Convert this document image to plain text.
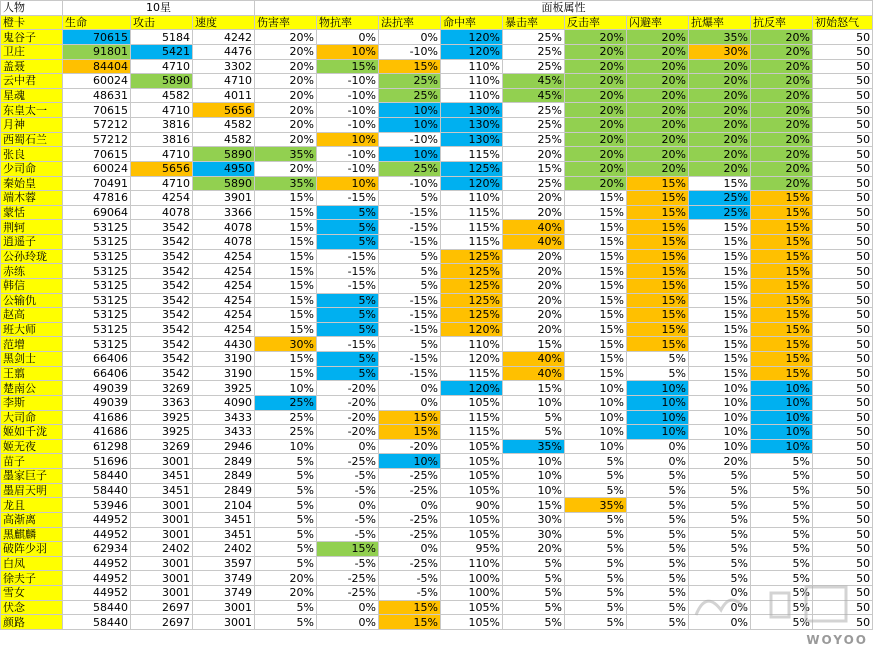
人物	10星			面板属性									
橙卡	生命	攻击	速度	伤害率	物抗率	法抗率	命中率	暴击率	反击率	闪避率	抗爆率	抗反率	初始怒气
鬼谷子	70615	5184	4242	20%	0%	0%	120%	25%	20%	20%	35%	20%	50
卫庄	91801	5421	4476	20%	10%	-10%	120%	25%	20%	20%	30%	20%	50
盖聂	84404	4710	3302	20%	15%	15%	110%	25%	20%	20%	20%	20%	50
云中君	60024	5890	4710	20%	-10%	25%	110%	45%	20%	20%	20%	20%	50
星魂	48631	4582	4011	20%	-10%	25%	110%	45%	20%	20%	20%	20%	50
东皇太一	70615	4710	5656	20%	-10%	10%	130%	25%	20%	20%	20%	20%	50
月神	57212	3816	4582	20%	-10%	10%	130%	25%	20%	20%	20%	20%	50
西蜀石兰	57212	3816	4582	20%	10%	-10%	130%	25%	20%	20%	20%	20%	50
张良	70615	4710	5890	35%	-10%	10%	115%	20%	20%	20%	20%	20%	50
少司命	60024	5656	4950	20%	-10%	25%	125%	15%	20%	20%	20%	20%	50
秦始皇	70491	4710	5890	35%	10%	-10%	120%	25%	20%	15%	15%	20%	50
端木蓉	47816	4254	3901	15%	-15%	5%	110%	20%	15%	15%	25%	15%	50
蒙恬	69064	4078	3366	15%	5%	-15%	115%	20%	15%	15%	25%	15%	50
荆轲	53125	3542	4078	15%	5%	-15%	115%	40%	15%	15%	15%	15%	50
逍遥子	53125	3542	4078	15%	5%	-15%	115%	40%	15%	15%	15%	15%	50
公孙玲珑	53125	3542	4254	15%	-15%	5%	125%	20%	15%	15%	15%	15%	50
赤练	53125	3542	4254	15%	-15%	5%	125%	20%	15%	15%	15%	15%	50
韩信	53125	3542	4254	15%	-15%	5%	125%	20%	15%	15%	15%	15%	50
公输仇	53125	3542	4254	15%	5%	-15%	125%	20%	15%	15%	15%	15%	50
赵高	53125	3542	4254	15%	5%	-15%	125%	20%	15%	15%	15%	15%	50
班大师	53125	3542	4254	15%	5%	-15%	120%	20%	15%	15%	15%	15%	50
范增	53125	3542	4430	30%	-15%	5%	110%	15%	15%	15%	15%	15%	50
黑剑士	66406	3542	3190	15%	5%	-15%	120%	40%	15%	5%	15%	15%	50
王翦	66406	3542	3190	15%	5%	-15%	115%	40%	15%	5%	15%	15%	50
楚南公	49039	3269	3925	10%	-20%	0%	120%	15%	10%	10%	10%	10%	50
李斯	49039	3363	4090	25%	-20%	0%	105%	10%	10%	10%	10%	10%	50
大司命	41686	3925	3433	25%	-20%	15%	115%	5%	10%	10%	10%	10%	50
姬如千泷	41686	3925	3433	25%	-20%	15%	115%	5%	10%	10%	10%	10%	50
姬无夜	61298	3269	2946	10%	0%	-20%	105%	35%	10%	0%	10%	10%	50
苗子	51696	3001	2849	5%	-25%	10%	105%	10%	5%	0%	20%	5%	50
墨家巨子	58440	3451	2849	5%	-5%	-25%	105%	10%	5%	5%	5%	5%	50
墨眉天明	58440	3451	2849	5%	-5%	-25%	105%	10%	5%	5%	5%	5%	50
龙且	53946	3001	2104	5%	0%	0%	90%	15%	35%	5%	5%	5%	50
高渐离	44952	3001	3451	5%	-5%	-25%	105%	30%	5%	5%	5%	5%	50
黑麒麟	44952	3001	3451	5%	-5%	-25%	105%	30%	5%	5%	5%	5%	50
破阵少羽	62934	2402	2402	5%	15%	0%	95%	20%	5%	5%	5%	5%	50
白凤	44952	3001	3597	5%	-5%	-25%	110%	5%	5%	5%	5%	5%	50
徐夫子	44952	3001	3749	20%	-25%	-5%	100%	5%	5%	5%	5%	5%	50
雪女	44952	3001	3749	20%	-25%	-5%	100%	5%	5%	5%	0%	5%	50
伏念	58440	2697	3001	5%	0%	15%	105%	5%	5%	5%	0%	5%	50
颜路	58440	2697	3001	5%	0%	15%	105%	5%	5%	5%	0%	5%	50
WOYOO
